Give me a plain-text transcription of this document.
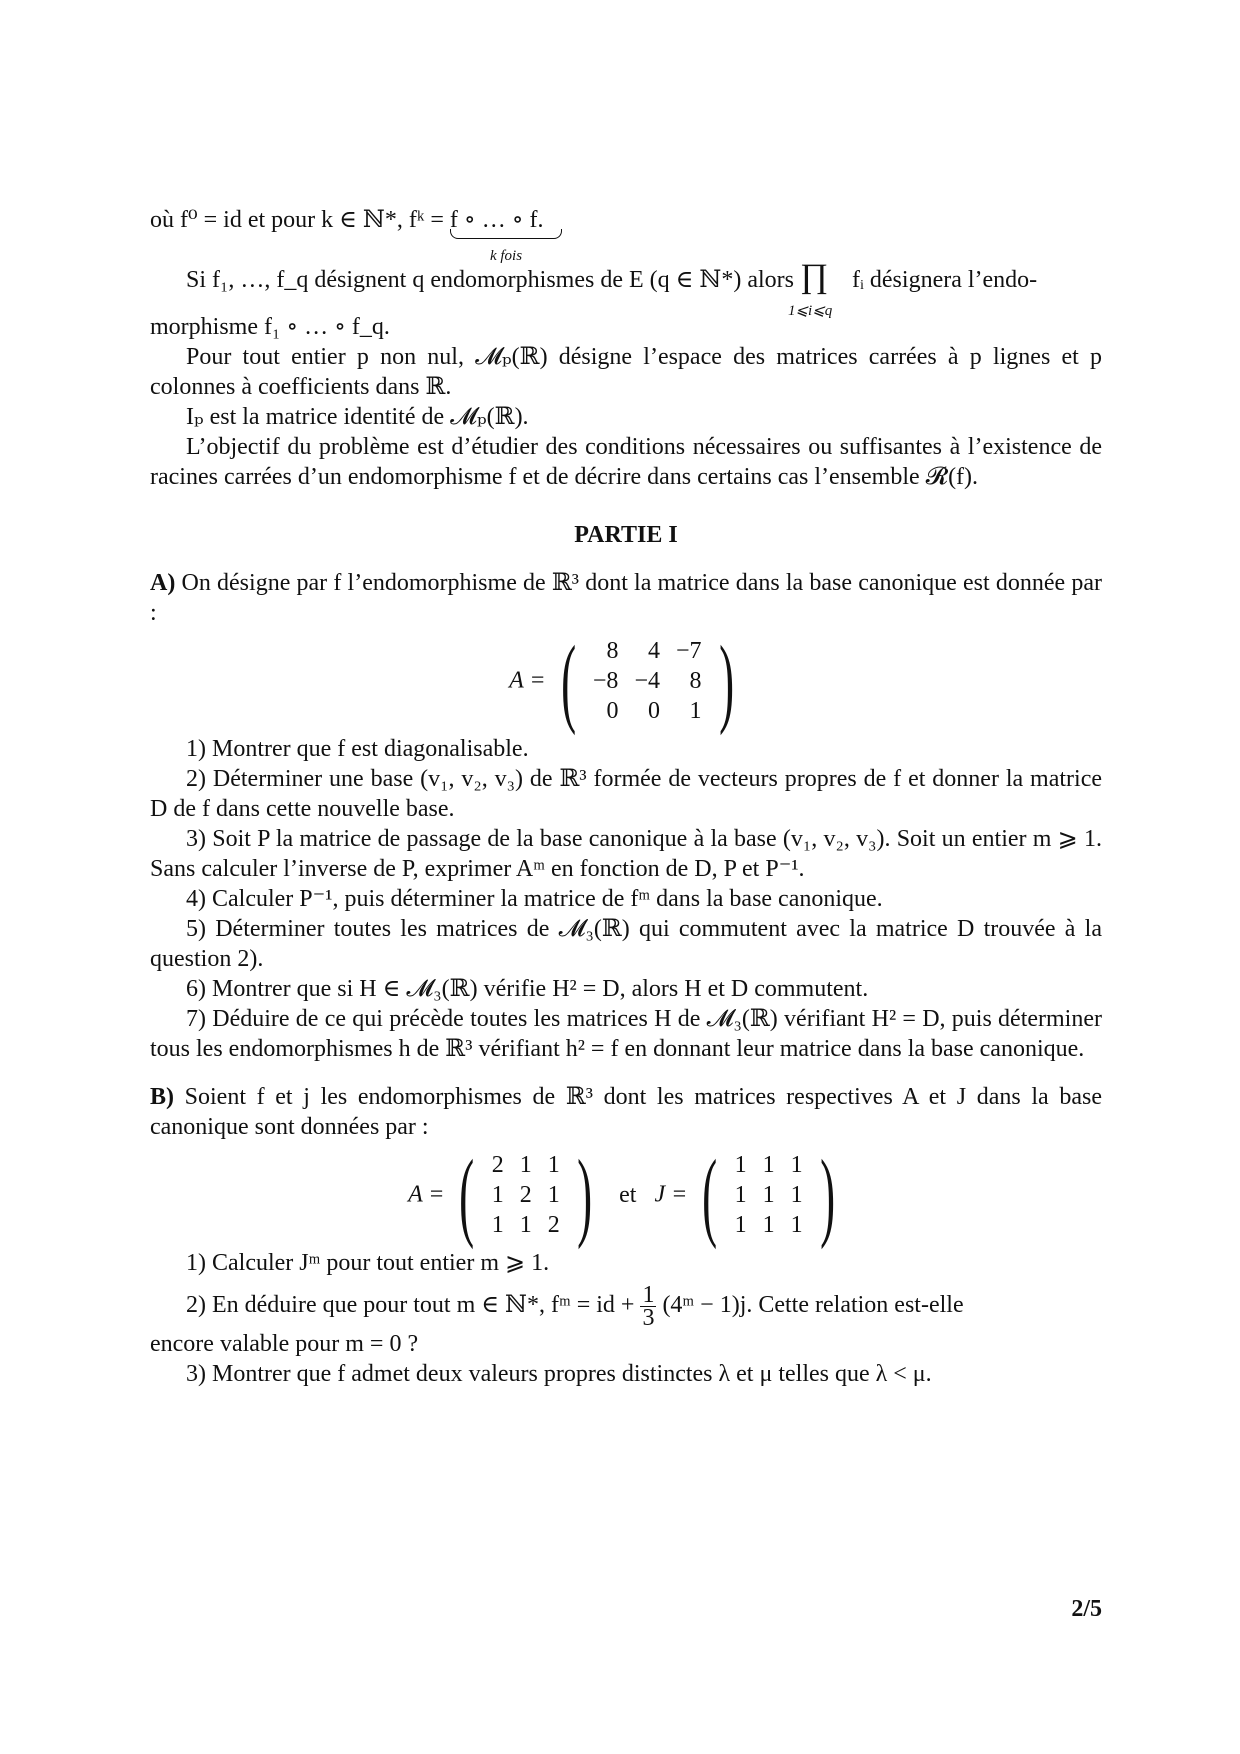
où f⁰ = id et pour k ∈ ℕ*, fᵏ = f ∘ … ∘ f.
k fois

Si f₁, …, f_q désignent q endomorphismes de E (q ∈ ℕ*) alors ∏
1⩽i⩽q
fᵢ désignera l’endo-

morphisme f₁ ∘ … ∘ f_q.

Pour tout entier p non nul, 𝓜ₚ(ℝ) désigne l’espace des matrices carrées à p lignes et p colonnes à coefficients dans ℝ.

Iₚ est la matrice identité de 𝓜ₚ(ℝ).

L’objectif du problème est d’étudier des conditions nécessaires ou suffisantes à l’existence de racines carrées d’un endomorphisme f et de décrire dans certains cas l’ensemble 𝓡(f).

PARTIE I

A) On désigne par f l’endomorphisme de ℝ³ dont la matrice dans la base canonique est donnée par :

A = ( 8	4	−7
−8	−4	8
0	0	1 )

1) Montrer que f est diagonalisable.

2) Déterminer une base (v₁, v₂, v₃) de ℝ³ formée de vecteurs propres de f et donner la matrice D de f dans cette nouvelle base.

3) Soit P la matrice de passage de la base canonique à la base (v₁, v₂, v₃). Soit un entier m ⩾ 1. Sans calculer l’inverse de P, exprimer Aᵐ en fonction de D, P et P⁻¹.

4) Calculer P⁻¹, puis déterminer la matrice de fᵐ dans la base canonique.

5) Déterminer toutes les matrices de 𝓜₃(ℝ) qui commutent avec la matrice D trouvée à la question 2).

6) Montrer que si H ∈ 𝓜₃(ℝ) vérifie H² = D, alors H et D commutent.

7) Déduire de ce qui précède toutes les matrices H de 𝓜₃(ℝ) vérifiant H² = D, puis déterminer tous les endomorphismes h de ℝ³ vérifiant h² = f en donnant leur matrice dans la base canonique.

B) Soient f et j les endomorphismes de ℝ³ dont les matrices respectives A et J dans la base canonique sont données par :

A = ( 2	1	1
1	2	1
1	1	2 ) et J = ( 1	1	1
1	1	1
1	1	1 )

1) Calculer Jᵐ pour tout entier m ⩾ 1.

2) En déduire que pour tout m ∈ ℕ*, fᵐ = id + $\frac{1}{3}$ (4ᵐ − 1)j. Cette relation est-elle

encore valable pour m = 0 ?

3) Montrer que f admet deux valeurs propres distinctes λ et μ telles que λ < μ.

2/5
